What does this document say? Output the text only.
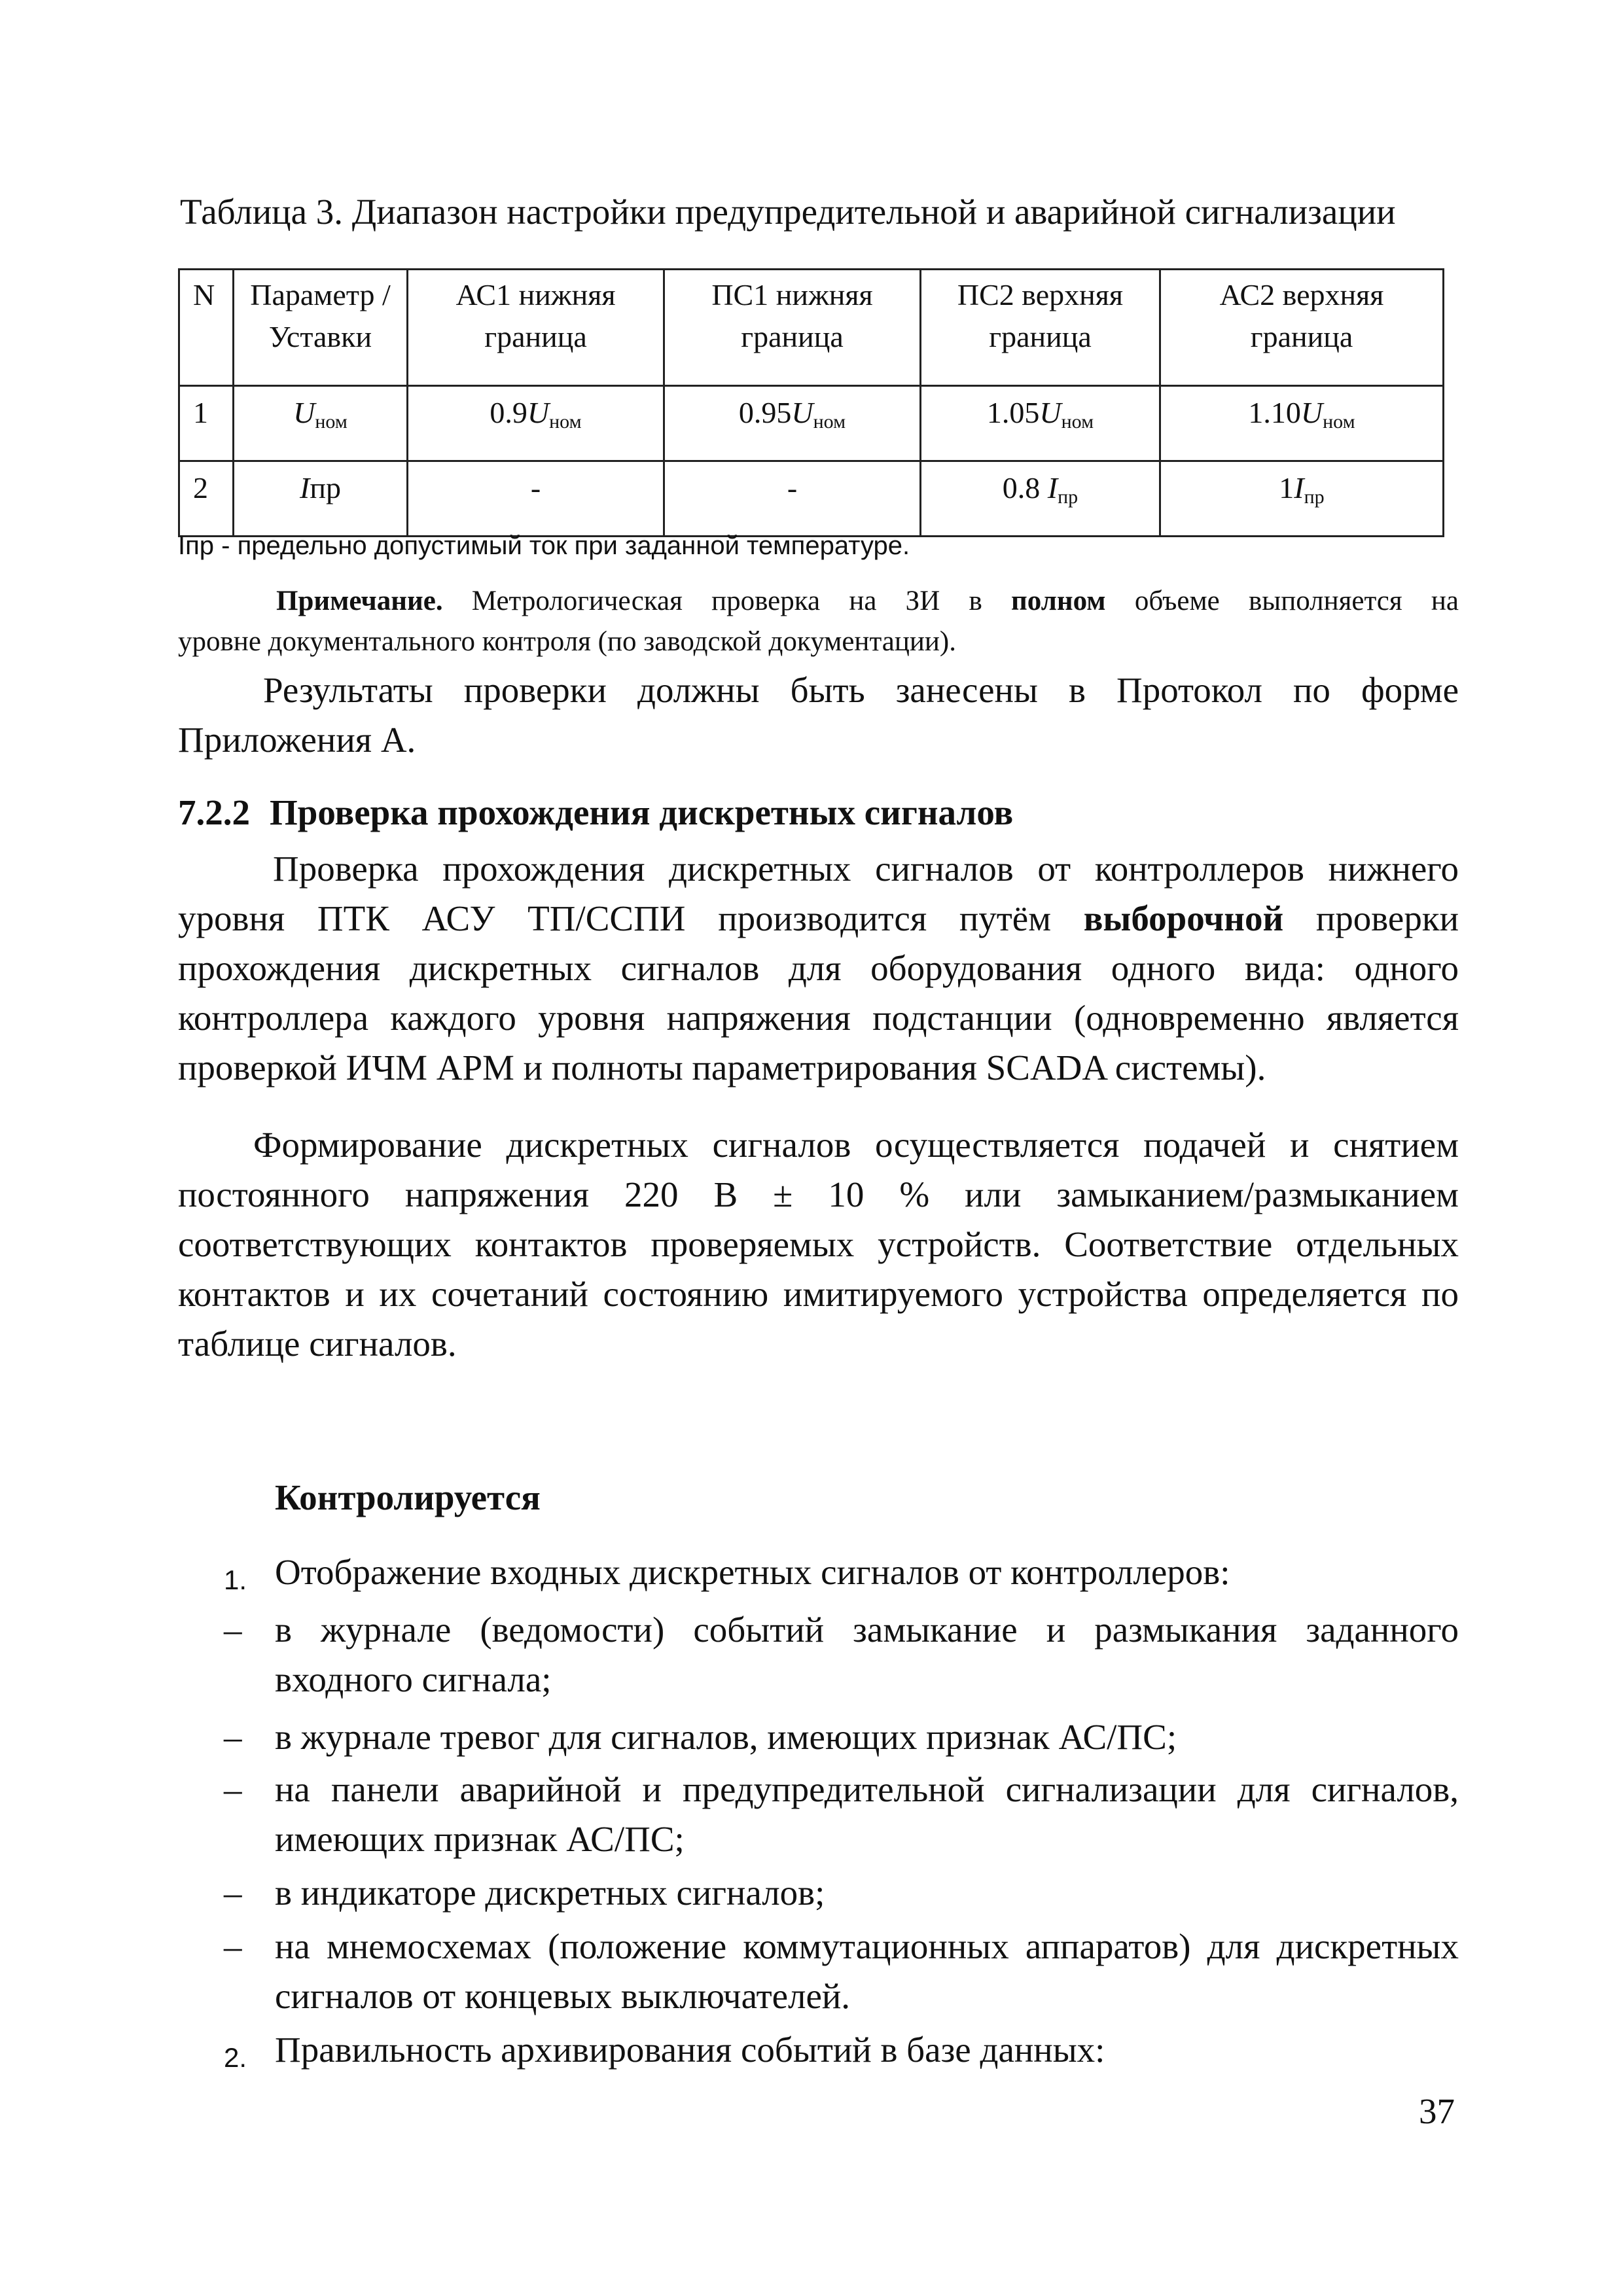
Таблица 3. Диапазон настройки предупредительной и аварийной сигнализации
N	Параметр / Уставки	АС1 нижняя граница	ПС1 нижняя граница	ПС2 верхняя граница	АС2 верхняя граница
1	$U_{ном}$	$0.9U_{ном}$	$0.95U_{ном}$	$1.05U_{ном}$	$1.10U_{ном}$
2	Iпр	-	-	0.8 $I_{пр}$	$1I_{пр}$
Iпр - предельно допустимый ток при заданной температуре.
Примечание. Метрологическая проверка на ЗИ в полном объеме выполняется на
уровне документального контроля (по заводской документации).
Результаты проверки должны быть занесены в Протокол по форме
Приложения А.
7.2.2 Проверка прохождения дискретных сигналов
Проверка прохождения дискретных сигналов от контроллеров нижнего уровня ПТК АСУ ТП/ССПИ производится путём выборочной проверки прохождения дискретных сигналов для оборудования одного вида: одного контроллера каждого уровня напряжения подстанции (одновременно является проверкой ИЧМ АРМ и полноты параметрирования SCADA системы).
Формирование дискретных сигналов осуществляется подачей и снятием постоянного напряжения 220 В ± 10 % или замыканием/размыканием соответствующих контактов проверяемых устройств. Соответствие отдельных контактов и их сочетаний состоянию имитируемого устройства определяется по таблице сигналов.
Контролируется
1. Отображение входных дискретных сигналов от контроллеров:
– в журнале (ведомости) событий замыкание и размыкания заданного входного сигнала;
– в журнале тревог для сигналов, имеющих признак АС/ПС;
– на панели аварийной и предупредительной сигнализации для сигналов, имеющих признак АС/ПС;
– в индикаторе дискретных сигналов;
– на мнемосхемах (положение коммутационных аппаратов) для дискретных сигналов от концевых выключателей.
2. Правильность архивирования событий в базе данных:
37
